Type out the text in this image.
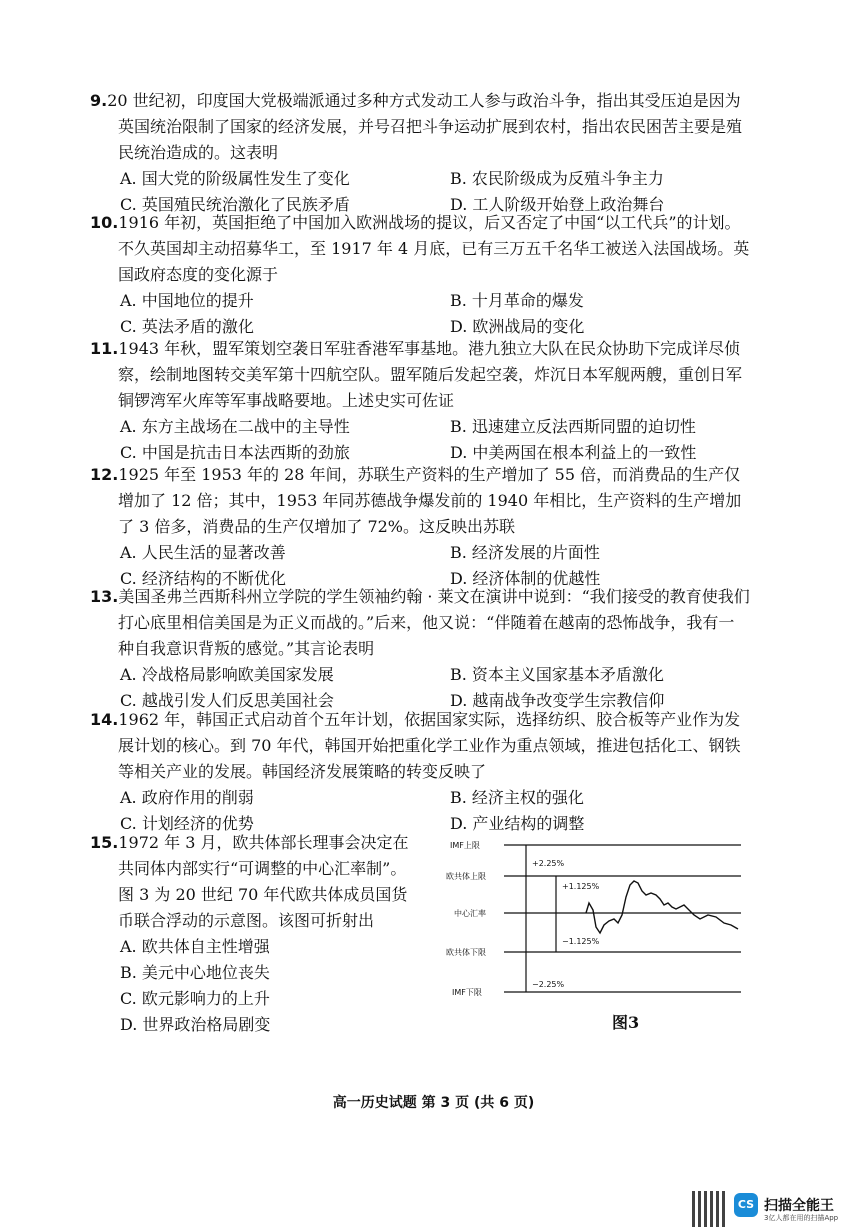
9.20 世纪初，印度国大党极端派通过多种方式发动工人参与政治斗争，指出其受压迫是因为英国统治限制了国家的经济发展，并号召把斗争运动扩展到农村，指出农民困苦主要是殖民统治造成的。这表明

A. 国大党的阶级属性发生了变化	B. 农民阶级成为反殖斗争主力
C. 英国殖民统治激化了民族矛盾	D. 工人阶级开始登上政治舞台

10.1916 年初，英国拒绝了中国加入欧洲战场的提议，后又否定了中国“以工代兵”的计划。不久英国却主动招募华工，至 1917 年 4 月底，已有三万五千名华工被送入法国战场。英国政府态度的变化源于

A. 中国地位的提升	B. 十月革命的爆发
C. 英法矛盾的激化	D. 欧洲战局的变化

11.1943 年秋，盟军策划空袭日军驻香港军事基地。港九独立大队在民众协助下完成详尽侦察，绘制地图转交美军第十四航空队。盟军随后发起空袭，炸沉日本军舰两艘，重创日军铜锣湾军火库等军事战略要地。上述史实可佐证

A. 东方主战场在二战中的主导性	B. 迅速建立反法西斯同盟的迫切性
C. 中国是抗击日本法西斯的劲旅	D. 中美两国在根本利益上的一致性

12.1925 年至 1953 年的 28 年间，苏联生产资料的生产增加了 55 倍，而消费品的生产仅增加了 12 倍；其中，1953 年同苏德战争爆发前的 1940 年相比，生产资料的生产增加了 3 倍多，消费品的生产仅增加了 72%。这反映出苏联

A. 人民生活的显著改善	B. 经济发展的片面性
C. 经济结构的不断优化	D. 经济体制的优越性

13.美国圣弗兰西斯科州立学院的学生领袖约翰 · 莱文在演讲中说到：“我们接受的教育使我们打心底里相信美国是为正义而战的。”后来，他又说：“伴随着在越南的恐怖战争，我有一种自我意识背叛的感觉。”其言论表明

A. 冷战格局影响欧美国家发展	B. 资本主义国家基本矛盾激化
C. 越战引发人们反思美国社会	D. 越南战争改变学生宗教信仰

14.1962 年，韩国正式启动首个五年计划，依据国家实际，选择纺织、胶合板等产业作为发展计划的核心。到 70 年代，韩国开始把重化学工业作为重点领域，推进包括化工、钢铁等相关产业的发展。韩国经济发展策略的转变反映了

A. 政府作用的削弱	B. 经济主权的强化
C. 计划经济的优势	D. 产业结构的调整

15.1972 年 3 月，欧共体部长理事会决定在共同体内部实行“可调整的中心汇率制”。图 3 为 20 世纪 70 年代欧共体成员国货币联合浮动的示意图。该图可折射出

A. 欧共体自主性增强
B. 美元中心地位丧失
C. 欧元影响力的上升
D. 世界政治格局剧变
IMF上限
欧共体上限
中心汇率
欧共体下限
IMF下限
+2.25%
+1.125%
−1.125%
−2.25%
图3
高一历史试题 第 3 页 (共 6 页)
CS 扫描全能王
3亿人都在用的扫描App
